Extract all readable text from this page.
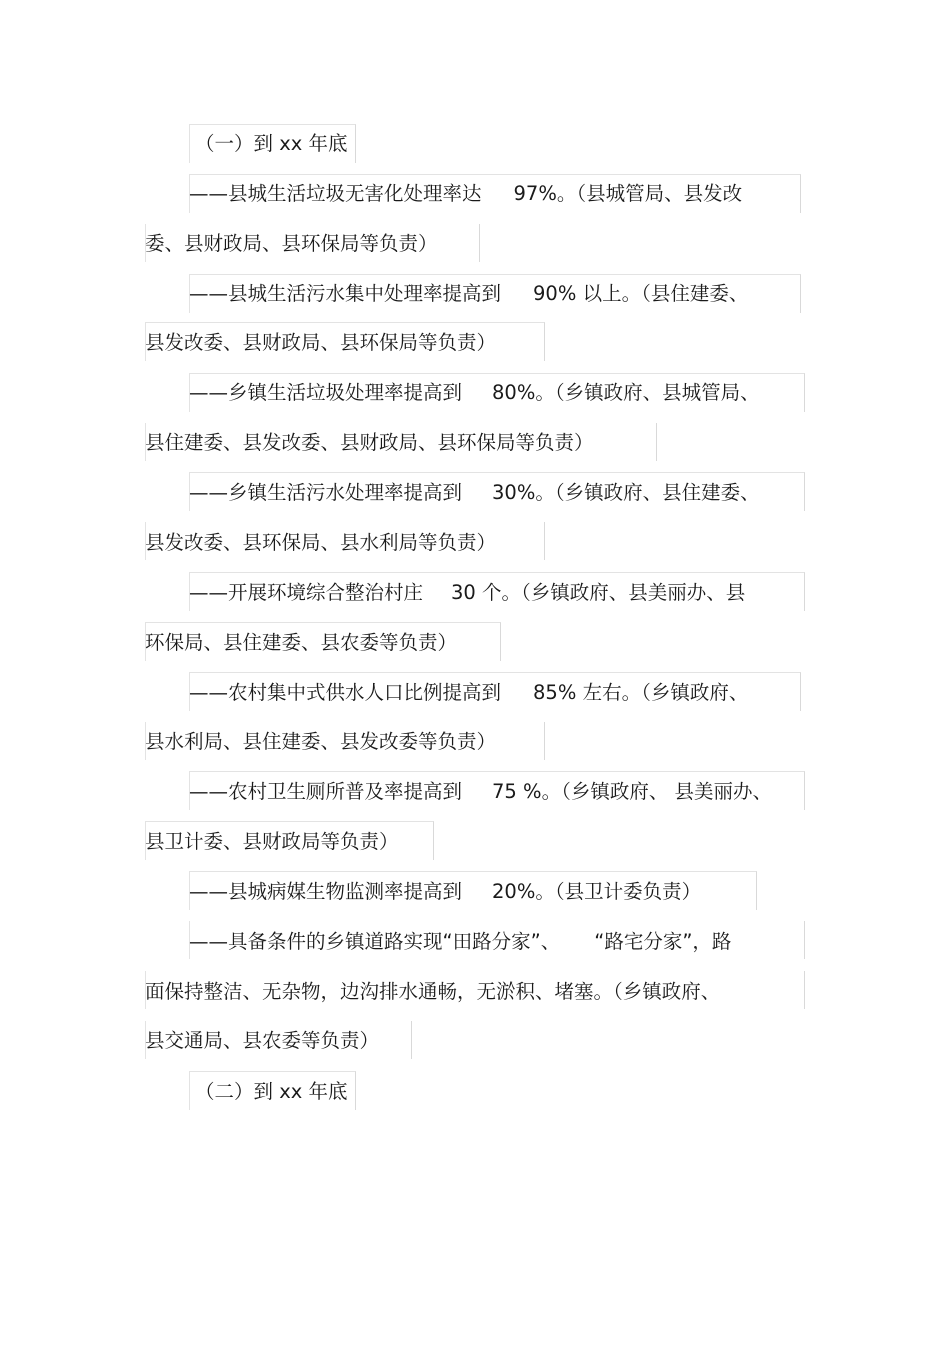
（一）到 xx 年底
——县城生活垃圾无害化处理率达 97%。（县城管局、县发改
委、县财政局、县环保局等负责）
——县城生活污水集中处理率提高到 90% 以上。（县住建委、
县发改委、县财政局、县环保局等负责）
——乡镇生活垃圾处理率提高到 80%。（乡镇政府、县城管局、
县住建委、县发改委、县财政局、县环保局等负责）
——乡镇生活污水处理率提高到 30%。（乡镇政府、县住建委、
县发改委、县环保局、县水利局等负责）
——开展环境综合整治村庄 30 个。（乡镇政府、县美丽办、县
环保局、县住建委、县农委等负责）
——农村集中式供水人口比例提高到 85% 左右。（乡镇政府、
县水利局、县住建委、县发改委等负责）
——农村卫生厕所普及率提高到 75 %。（乡镇政府、 县美丽办、
县卫计委、县财政局等负责）
——县城病媒生物监测率提高到 20%。（县卫计委负责）
——具备条件的乡镇道路实现“田路分家”、 “路宅分家”，路
面保持整洁、无杂物，边沟排水通畅，无淤积、堵塞。（乡镇政府、
县交通局、县农委等负责）
（二）到 xx 年底
